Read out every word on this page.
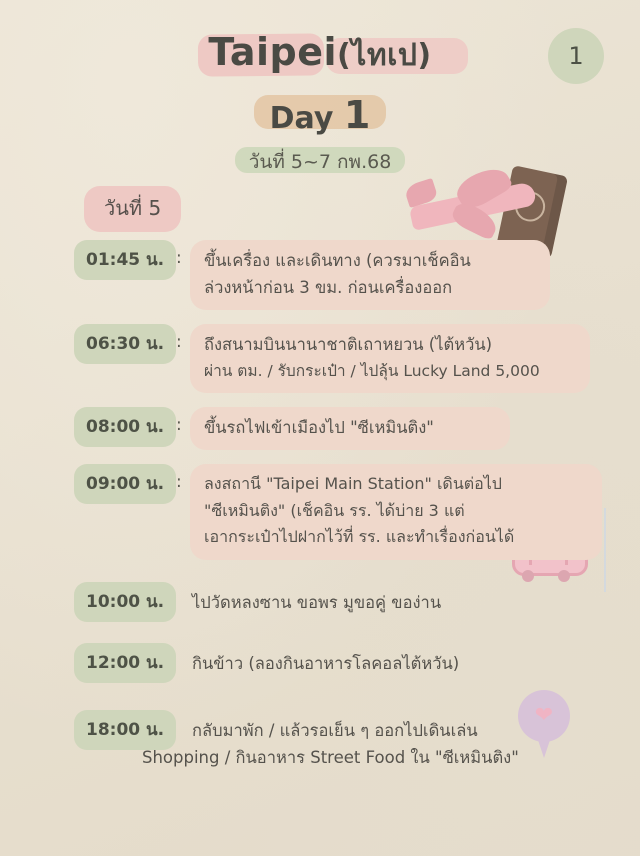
Taipei(ไทเป)

Day 1

วันที่ 5~7 กพ.68
1
วันที่ 5
❤
01:45 น. : ขึ้นเครื่อง และเดินทาง (ควรมาเช็คอิน
ล่วงหน้าก่อน 3 ขม. ก่อนเครื่องออก
06:30 น. : ถึงสนามบินนานาชาติเถาหยวน (ไต้หวัน)
ผ่าน ตม. / รับกระเป๋า / ไปลุ้น Lucky Land 5,000
08:00 น. : ขึ้นรถไฟเข้าเมืองไป "ซีเหมินติง"
09:00 น. : ลงสถานี "Taipei Main Station" เดินต่อไป
"ซีเหมินติง" (เช็คอิน รร. ได้บ่าย 3 แต่
เอากระเป๋าไปฝากไว้ที่ รร. และทำเรื่องก่อนได้
10:00 น.	ไปวัดหลงซาน ขอพร มูขอคู่ ของ่าน
12:00 น.	กินข้าว (ลองกินอาหารโลคอลไต้หวัน)
18:00 น.	กลับมาพัก / แล้วรอเย็น ๆ ออกไปเดินเล่น
Shopping / กินอาหาร Street Food ใน "ซีเหมินติง"
